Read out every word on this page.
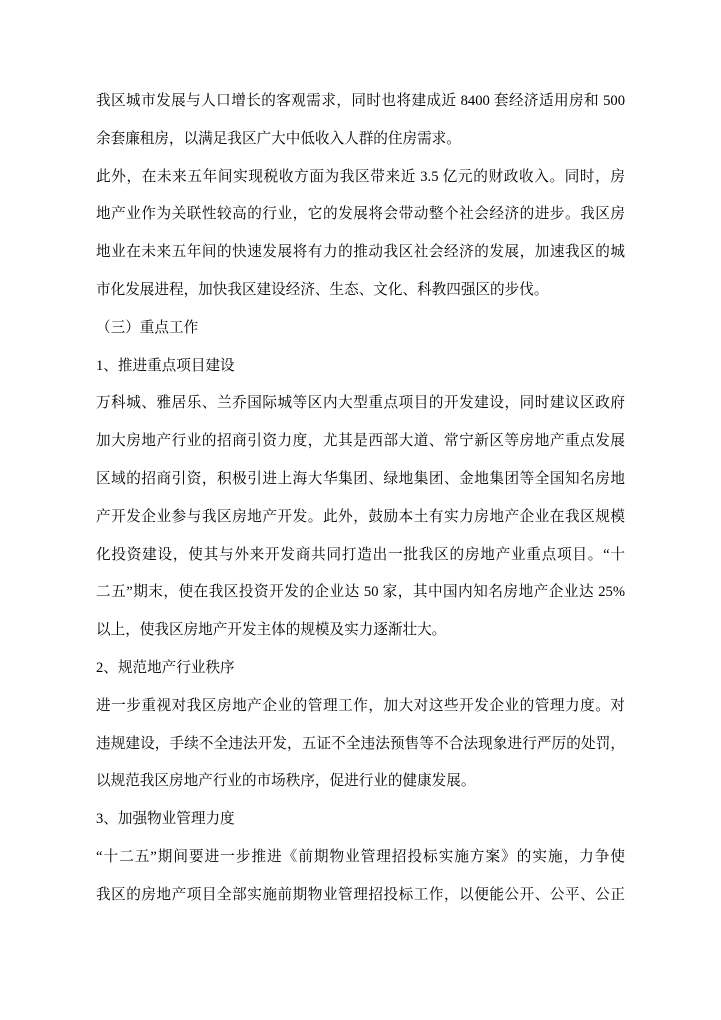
我区城市发展与人口增长的客观需求，同时也将建成近 8400 套经济适用房和 500
余套廉租房，以满足我区广大中低收入人群的住房需求。
此外，在未来五年间实现税收方面为我区带来近 3.5 亿元的财政收入。同时，房
地产业作为关联性较高的行业，它的发展将会带动整个社会经济的进步。我区房
地业在未来五年间的快速发展将有力的推动我区社会经济的发展，加速我区的城
市化发展进程，加快我区建设经济、生态、文化、科教四强区的步伐。
（三）重点工作
1、推进重点项目建设
万科城、雅居乐、兰乔国际城等区内大型重点项目的开发建设，同时建议区政府
加大房地产行业的招商引资力度，尤其是西部大道、常宁新区等房地产重点发展
区域的招商引资，积极引进上海大华集团、绿地集团、金地集团等全国知名房地
产开发企业参与我区房地产开发。此外，鼓励本土有实力房地产企业在我区规模
化投资建设，使其与外来开发商共同打造出一批我区的房地产业重点项目。“十
二五”期末，使在我区投资开发的企业达 50 家，其中国内知名房地产企业达 25%
以上，使我区房地产开发主体的规模及实力逐渐壮大。
2、规范地产行业秩序
进一步重视对我区房地产企业的管理工作，加大对这些开发企业的管理力度。对
违规建设，手续不全违法开发，五证不全违法预售等不合法现象进行严厉的处罚，
以规范我区房地产行业的市场秩序，促进行业的健康发展。
3、加强物业管理力度
“十二五”期间要进一步推进《前期物业管理招投标实施方案》的实施，力争使
我区的房地产项目全部实施前期物业管理招投标工作，以便能公开、公平、公正
